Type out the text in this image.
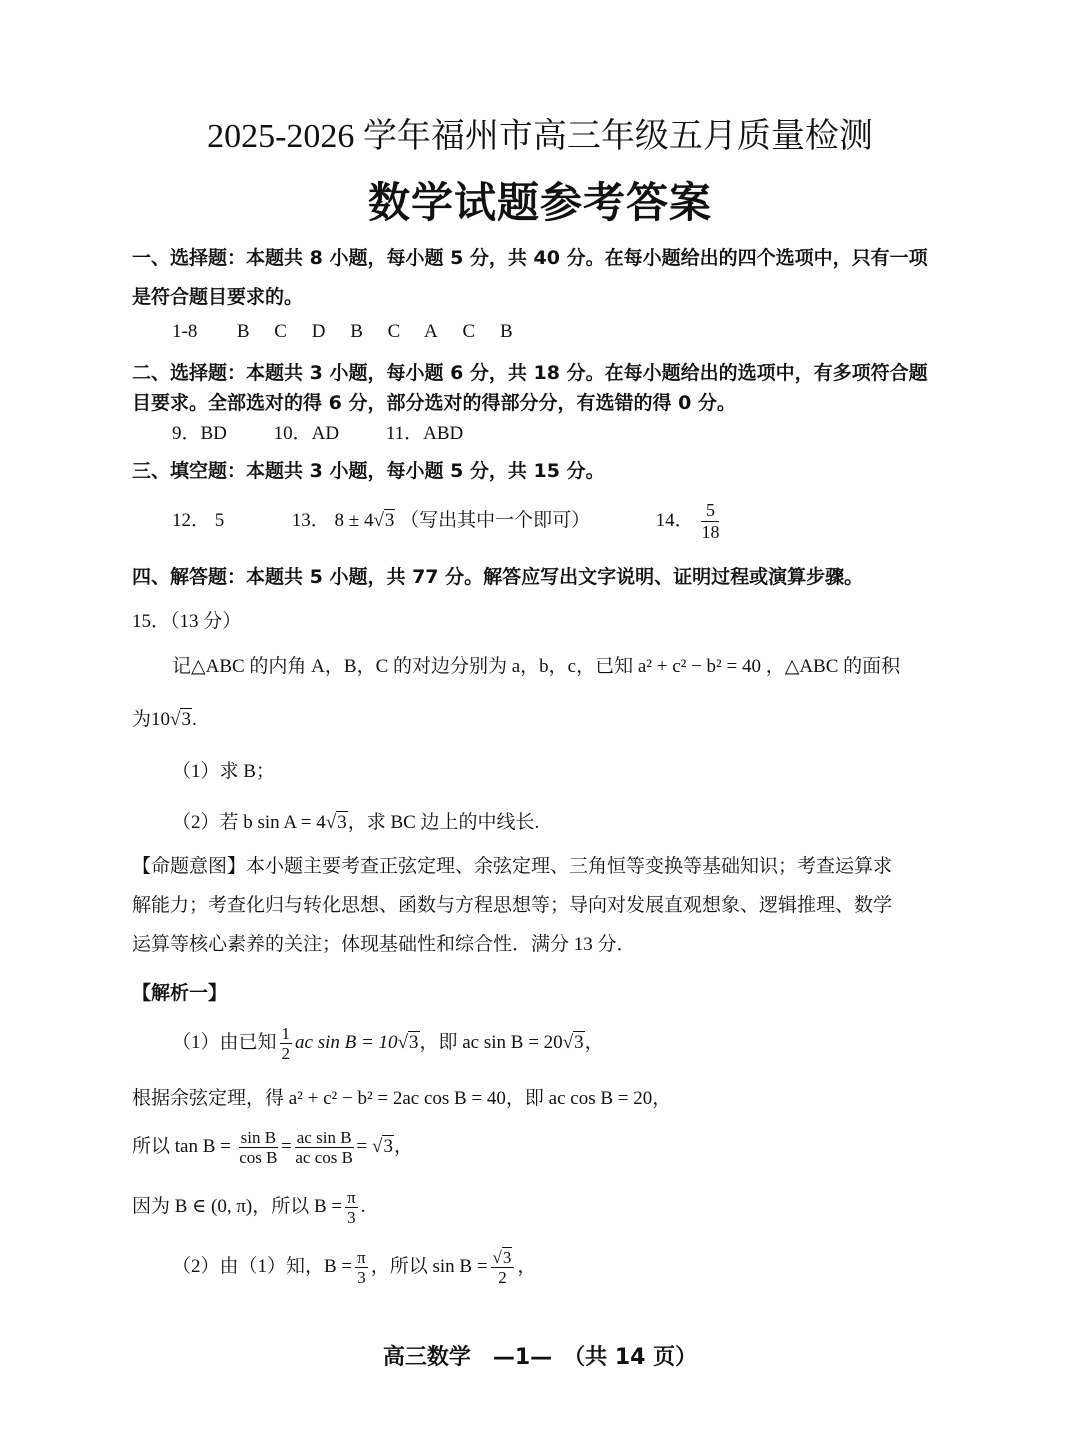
2025-2026 学年福州市高三年级五月质量检测
数学试题参考答案
一、选择题：本题共 8 小题，每小题 5 分，共 40 分。在每小题给出的四个选项中，只有一项
是符合题目要求的。
1-8 B C D B C A C B
二、选择题：本题共 3 小题，每小题 6 分，共 18 分。在每小题给出的选项中，有多项符合题
目要求。全部选对的得 6 分，部分选对的得部分分，有选错的得 0 分。
9．BD 10．AD 11．ABD
三、填空题：本题共 3 小题，每小题 5 分，共 15 分。
12． 5	13． 8 ± 4√3 （写出其中一个即可）	14． $\frac{5}{18}$
四、解答题：本题共 5 小题，共 77 分。解答应写出文字说明、证明过程或演算步骤。
15．（13 分）
记△ABC 的内角 A，B，C 的对边分别为 a，b，c，已知 a² + c² − b² = 40 ，△ABC 的面积
为10√3.
（1）求 B；
（2）若 b sin A = 4√3，求 BC 边上的中线长.
【命题意图】本小题主要考查正弦定理、余弦定理、三角恒等变换等基础知识；考查运算求
解能力；考查化归与转化思想、函数与方程思想等；导向对发展直观想象、逻辑推理、数学
运算等核心素养的关注；体现基础性和综合性．满分 13 分．
【解析一】
（1）由已知 $\frac{1}{2}$ ac sin B = 10√3，即 ac sin B = 20√3，
根据余弦定理，得 a² + c² − b² = 2ac cos B = 40，即 ac cos B = 20，
所以 $\tan B = \frac{\text{sin B}}{\text{cos B}} = \frac{\text{ac sin B}}{\text{ac cos B}} = √3$，
因为 B ∈ (0, π)，所以 $B = \frac{\pi}{3}$ .
（2）由（1）知，$B = \frac{\pi}{3}$ ，所以 $\sin B = \frac{√3}{2}$ ，
高三数学　—1—　（共 14 页）
